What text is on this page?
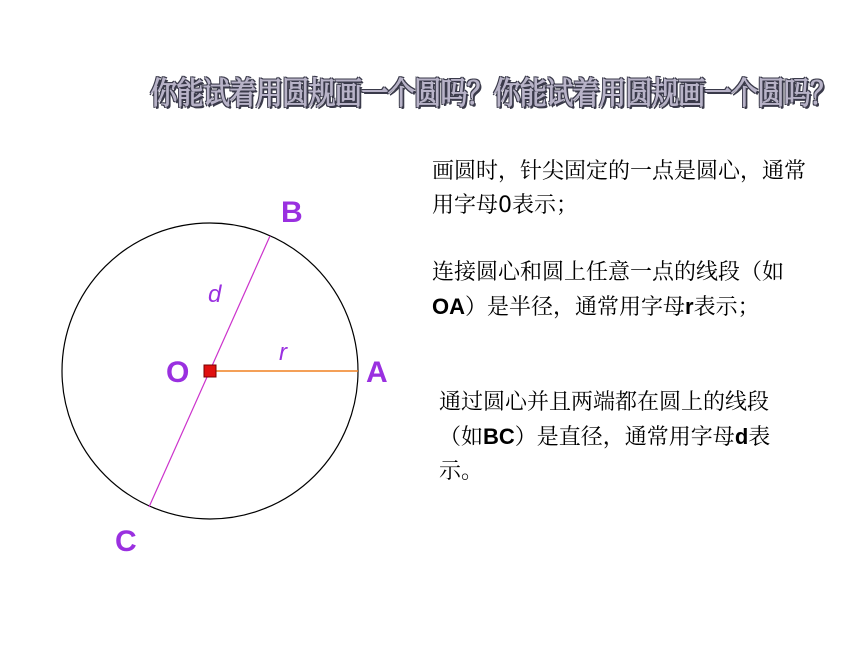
你能试着用圆规画一个圆吗？你能试着用圆规画一个圆吗？
B
d
O
r
A
C
画圆时，针尖固定的一点是圆心，通常用字母0表示；
连接圆心和圆上任意一点的线段（如OA）是半径，通常用字母r表示；
通过圆心并且两端都在圆上的线段（如BC）是直径，通常用字母d表示。
